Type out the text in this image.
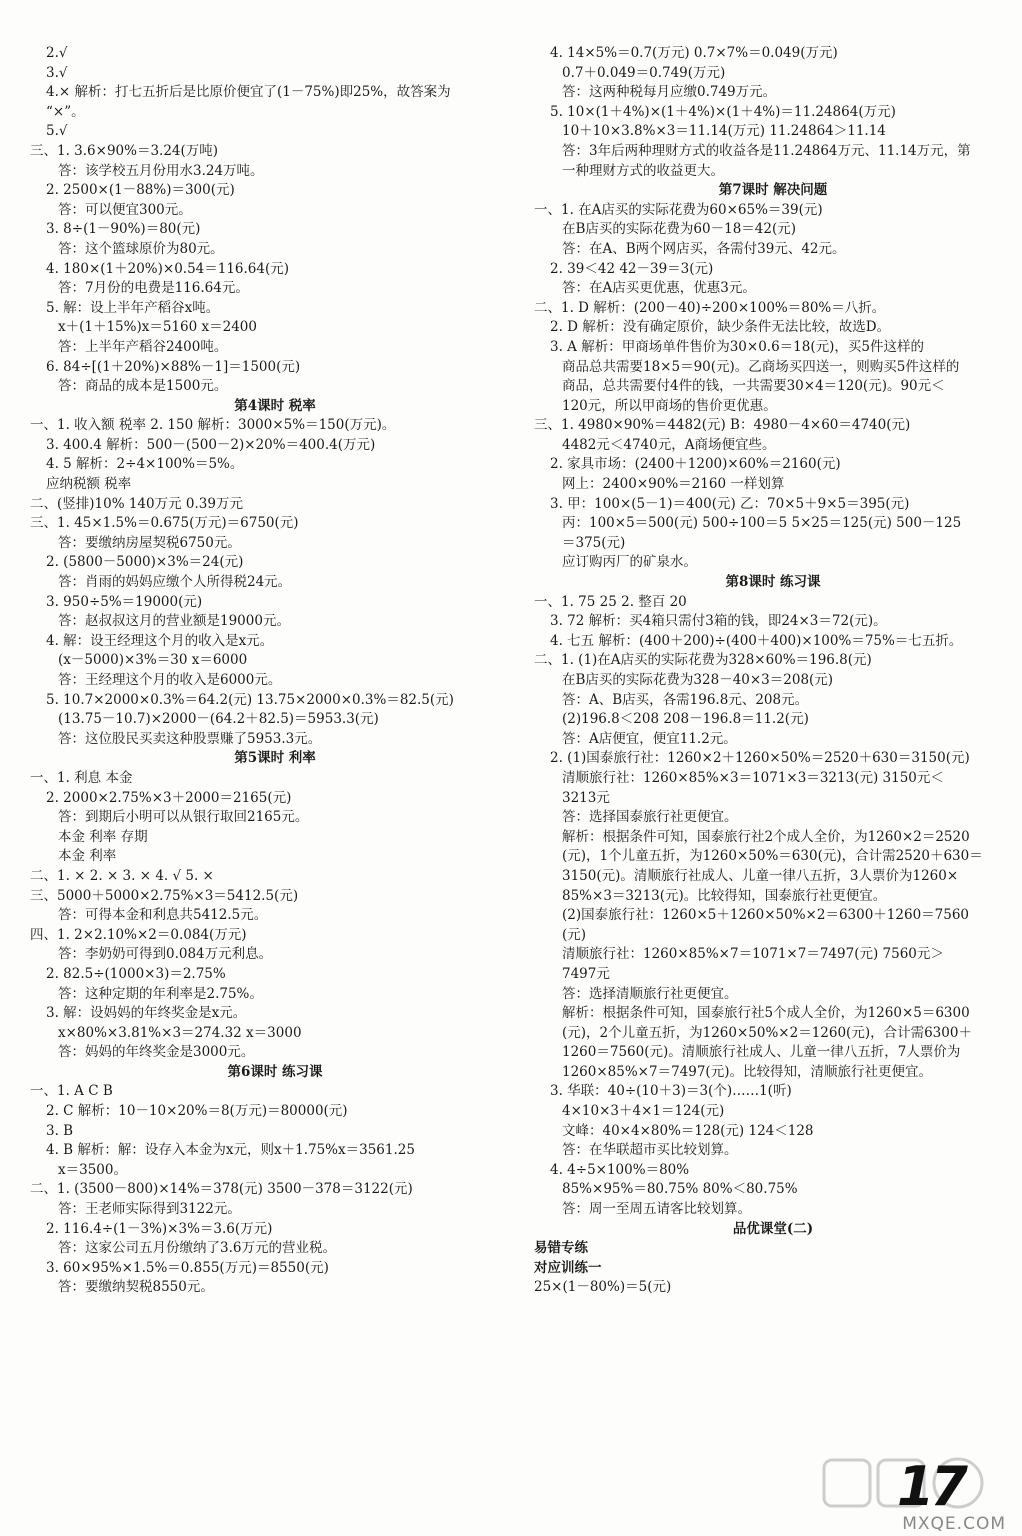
2.√
3.√
4.× 解析：打七五折后是比原价便宜了(1－75%)即25%，故答案为
“×”。
5.√
三、1. 3.6×90%＝3.24(万吨)
答：该学校五月份用水3.24万吨。
2. 2500×(1－88%)＝300(元)
答：可以便宜300元。
3. 8÷(1－90%)＝80(元)
答：这个篮球原价为80元。
4. 180×(1＋20%)×0.54＝116.64(元)
答：7月份的电费是116.64元。
5. 解：设上半年产稻谷x吨。
x＋(1＋15%)x＝5160 x＝2400
答：上半年产稻谷2400吨。
6. 84÷[(1＋20%)×88%－1]＝1500(元)
答：商品的成本是1500元。
第4课时 税率
一、1. 收入额 税率 2. 150 解析：3000×5%＝150(万元)。
3. 400.4 解析：500－(500－2)×20%＝400.4(万元)
4. 5 解析：2÷4×100%＝5%。
应纳税额 税率
二、(竖排)10% 140万元 0.39万元
三、1. 45×1.5%＝0.675(万元)＝6750(元)
答：要缴纳房屋契税6750元。
2. (5800－5000)×3%＝24(元)
答：肖雨的妈妈应缴个人所得税24元。
3. 950÷5%＝19000(元)
答：赵叔叔这月的营业额是19000元。
4. 解：设王经理这个月的收入是x元。
(x－5000)×3%＝30 x＝6000
答：王经理这个月的收入是6000元。
5. 10.7×2000×0.3%＝64.2(元) 13.75×2000×0.3%＝82.5(元)
(13.75－10.7)×2000－(64.2＋82.5)＝5953.3(元)
答：这位股民买卖这种股票赚了5953.3元。
第5课时 利率
一、1. 利息 本金
2. 2000×2.75%×3＋2000＝2165(元)
答：到期后小明可以从银行取回2165元。
本金 利率 存期
本金 利率
二、1. × 2. × 3. × 4. √ 5. ×
三、5000＋5000×2.75%×3＝5412.5(元)
答：可得本金和利息共5412.5元。
四、1. 2×2.10%×2＝0.084(万元)
答：李奶奶可得到0.084万元利息。
2. 82.5÷(1000×3)＝2.75%
答：这种定期的年利率是2.75%。
3. 解：设妈妈的年终奖金是x元。
x×80%×3.81%×3＝274.32 x＝3000
答：妈妈的年终奖金是3000元。
第6课时 练习课
一、1. A C B
2. C 解析：10－10×20%＝8(万元)＝80000(元)
3. B
4. B 解析：解：设存入本金为x元，则x＋1.75%x＝3561.25
x＝3500。
二、1. (3500－800)×14%＝378(元) 3500－378＝3122(元)
答：王老师实际得到3122元。
2. 116.4÷(1－3%)×3%＝3.6(万元)
答：这家公司五月份缴纳了3.6万元的营业税。
3. 60×95%×1.5%＝0.855(万元)＝8550(元)
答：要缴纳契税8550元。
4. 14×5%＝0.7(万元) 0.7×7%＝0.049(万元)
0.7＋0.049＝0.749(万元)
答：这两种税每月应缴0.749万元。
5. 10×(1＋4%)×(1＋4%)×(1＋4%)＝11.24864(万元)
10＋10×3.8%×3＝11.14(万元) 11.24864＞11.14
答：3年后两种理财方式的收益各是11.24864万元、11.14万元，第
一种理财方式的收益更大。
第7课时 解决问题
一、1. 在A店买的实际花费为60×65%＝39(元)
在B店买的实际花费为60－18＝42(元)
答：在A、B两个网店买，各需付39元、42元。
2. 39＜42 42－39＝3(元)
答：在A店买更优惠，优惠3元。
二、1. D 解析：(200－40)÷200×100%＝80%＝八折。
2. D 解析：没有确定原价，缺少条件无法比较，故选D。
3. A 解析：甲商场单件售价为30×0.6＝18(元)，买5件这样的
商品总共需要18×5＝90(元)。乙商场买四送一，则购买5件这样的
商品，总共需要付4件的钱，一共需要30×4＝120(元)。90元＜
120元，所以甲商场的售价更优惠。
三、1. 4980×90%＝4482(元) B：4980－4×60＝4740(元)
4482元＜4740元，A商场便宜些。
2. 家具市场：(2400＋1200)×60%＝2160(元)
网上：2400×90%＝2160 一样划算
3. 甲：100×(5－1)＝400(元) 乙：70×5＋9×5＝395(元)
丙：100×5＝500(元) 500÷100＝5 5×25＝125(元) 500－125
＝375(元)
应订购丙厂的矿泉水。
第8课时 练习课
一、1. 75 25 2. 整百 20
3. 72 解析：买4箱只需付3箱的钱，即24×3＝72(元)。
4. 七五 解析：(400＋200)÷(400＋400)×100%＝75%＝七五折。
二、1. (1)在A店买的实际花费为328×60%＝196.8(元)
在B店买的实际花费为328－40×3＝208(元)
答：A、B店买，各需196.8元、208元。
(2)196.8＜208 208－196.8＝11.2(元)
答：A店便宜，便宜11.2元。
2. (1)国泰旅行社：1260×2＋1260×50%＝2520＋630＝3150(元)
清顺旅行社：1260×85%×3＝1071×3＝3213(元) 3150元＜
3213元
答：选择国泰旅行社更便宜。
解析：根据条件可知，国泰旅行社2个成人全价，为1260×2＝2520
(元)，1个儿童五折，为1260×50%＝630(元)，合计需2520＋630＝
3150(元)。清顺旅行社成人、儿童一律八五折，3人票价为1260×
85%×3＝3213(元)。比较得知，国泰旅行社更便宜。
(2)国泰旅行社：1260×5＋1260×50%×2＝6300＋1260＝7560
(元)
清顺旅行社：1260×85%×7＝1071×7＝7497(元) 7560元＞
7497元
答：选择清顺旅行社更便宜。
解析：根据条件可知，国泰旅行社5个成人全价，为1260×5＝6300
(元)，2个儿童五折，为1260×50%×2＝1260(元)，合计需6300＋
1260＝7560(元)。清顺旅行社成人、儿童一律八五折，7人票价为
1260×85%×7＝7497(元)。比较得知，清顺旅行社更便宜。
3. 华联：40÷(10＋3)＝3(个)……1(听)
4×10×3＋4×1＝124(元)
文峰：40×4×80%＝128(元) 124＜128
答：在华联超市买比较划算。
4. 4÷5×100%＝80%
85%×95%＝80.75% 80%＜80.75%
答：周一至周五请客比较划算。
品优课堂(二)
易错专练
对应训练一
25×(1－80%)＝5(元)
MXQE.COM
17
